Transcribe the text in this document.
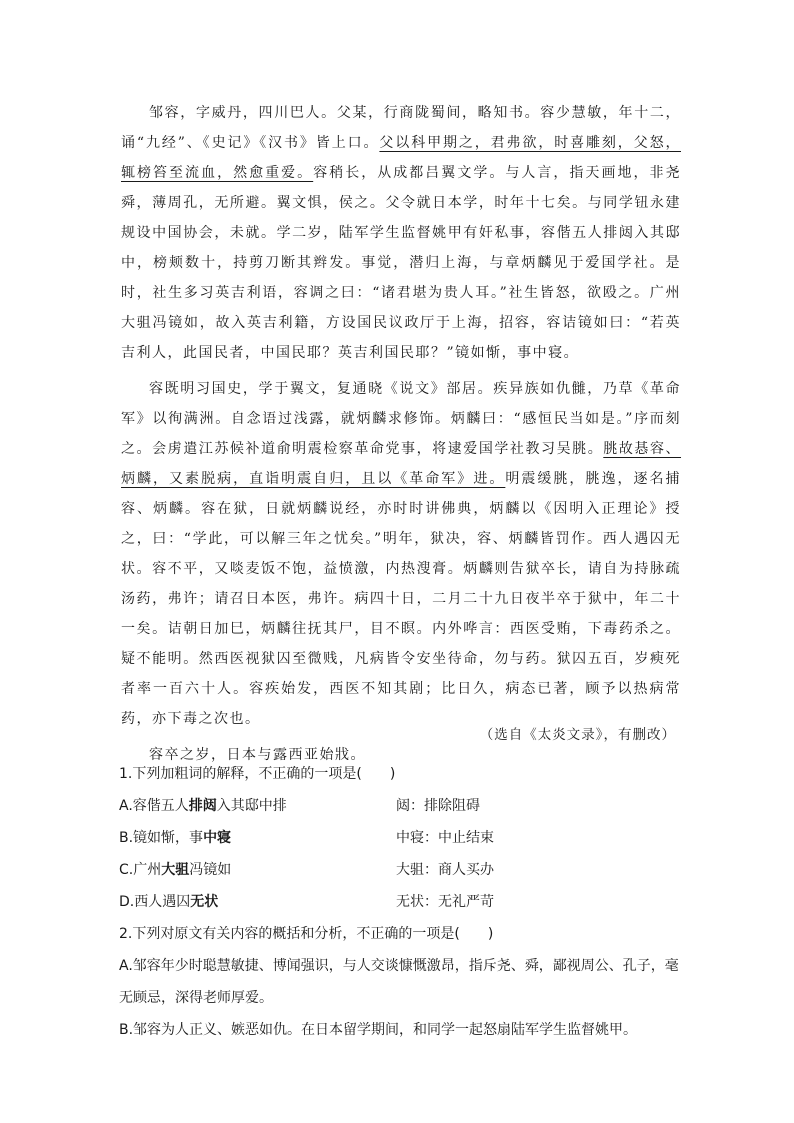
邹容，字威丹，四川巴人。父某，行商陇蜀间，略知书。容少慧敏，年十二，诵“九经”、《史记》《汉书》皆上口。父以科甲期之，君弗欲，时喜雕刻，父怒，辄榜笞至流血，然愈重爱。容稍长，从成都吕翼文学。与人言，指天画地，非尧舜，薄周孔，无所避。翼文惧，侯之。父令就日本学，时年十七矣。与同学钮永建规设中国协会，未就。学二岁，陆军学生监督姚甲有奸私事，容偕五人排闼入其邸中，榜颊数十，持剪刀断其辫发。事觉，潜归上海，与章炳麟见于爱国学社。是时，社生多习英吉利语，容调之曰：“诸君堪为贵人耳。”社生皆怒，欲殴之。广州大驵冯镜如，故入英吉利籍，方设国民议政厅于上海，招容，容诘镜如曰：“若英吉利人，此国民者，中国民耶？英吉利国民耶？”镜如惭，事中寝。

容既明习国史，学于翼文，复通晓《说文》部居。疾异族如仇雠，乃草《革命军》以徇满洲。自念语过浅露，就炳麟求修饰。炳麟曰：“感恒民当如是。”序而刻之。会虏遣江苏候补道俞明震检察革命党事，将逮爱国学社教习吴朓。朓故惎容、炳麟，又素脱病，直诣明震自归，且以《革命军》进。明震缓朓，朓逸，逐名捕容、炳麟。容在狱，日就炳麟说经，亦时时讲佛典，炳麟以《因明入正理论》授之，曰：“学此，可以解三年之忧矣。”明年，狱决，容、炳麟皆罚作。西人遇囚无状。容不平，又啖麦饭不饱，益愤激，内热溲膏。炳麟则告狱卒长，请自为持脉疏汤药，弗许；请召日本医，弗许。病四十日，二月二十九日夜半卒于狱中，年二十一矣。诘朝日加巳，炳麟往抚其尸，目不瞑。内外哗言：西医受贿，下毒药杀之。疑不能明。然西医视狱囚至微贱，凡病皆令安坐待命，勿与药。狱囚五百，岁瘐死者率一百六十人。容疾始发，西医不知其剧；比日久，病态已著，顾予以热病常药，亦下毒之次也。

容卒之岁，日本与露西亚始戕。

（选自《太炎文录》，有删改）
1.下列加粗词的解释，不正确的一项是(　　)
A.容偕五人排闼入其邸中排	闼：排除阻碍
B.镜如惭，事中寝	中寝：中止结束
C.广州大驵冯镜如	大驵：商人买办
D.西人遇囚无状	无状：无礼严苛
2.下列对原文有关内容的概括和分析，不正确的一项是(　　)
A.邹容年少时聪慧敏捷、博闻强识，与人交谈慷慨激昂，指斥尧、舜，鄙视周公、孔子，毫
无顾忌，深得老师厚爱。
B.邹容为人正义、嫉恶如仇。在日本留学期间，和同学一起怒扇陆军学生监督姚甲。
